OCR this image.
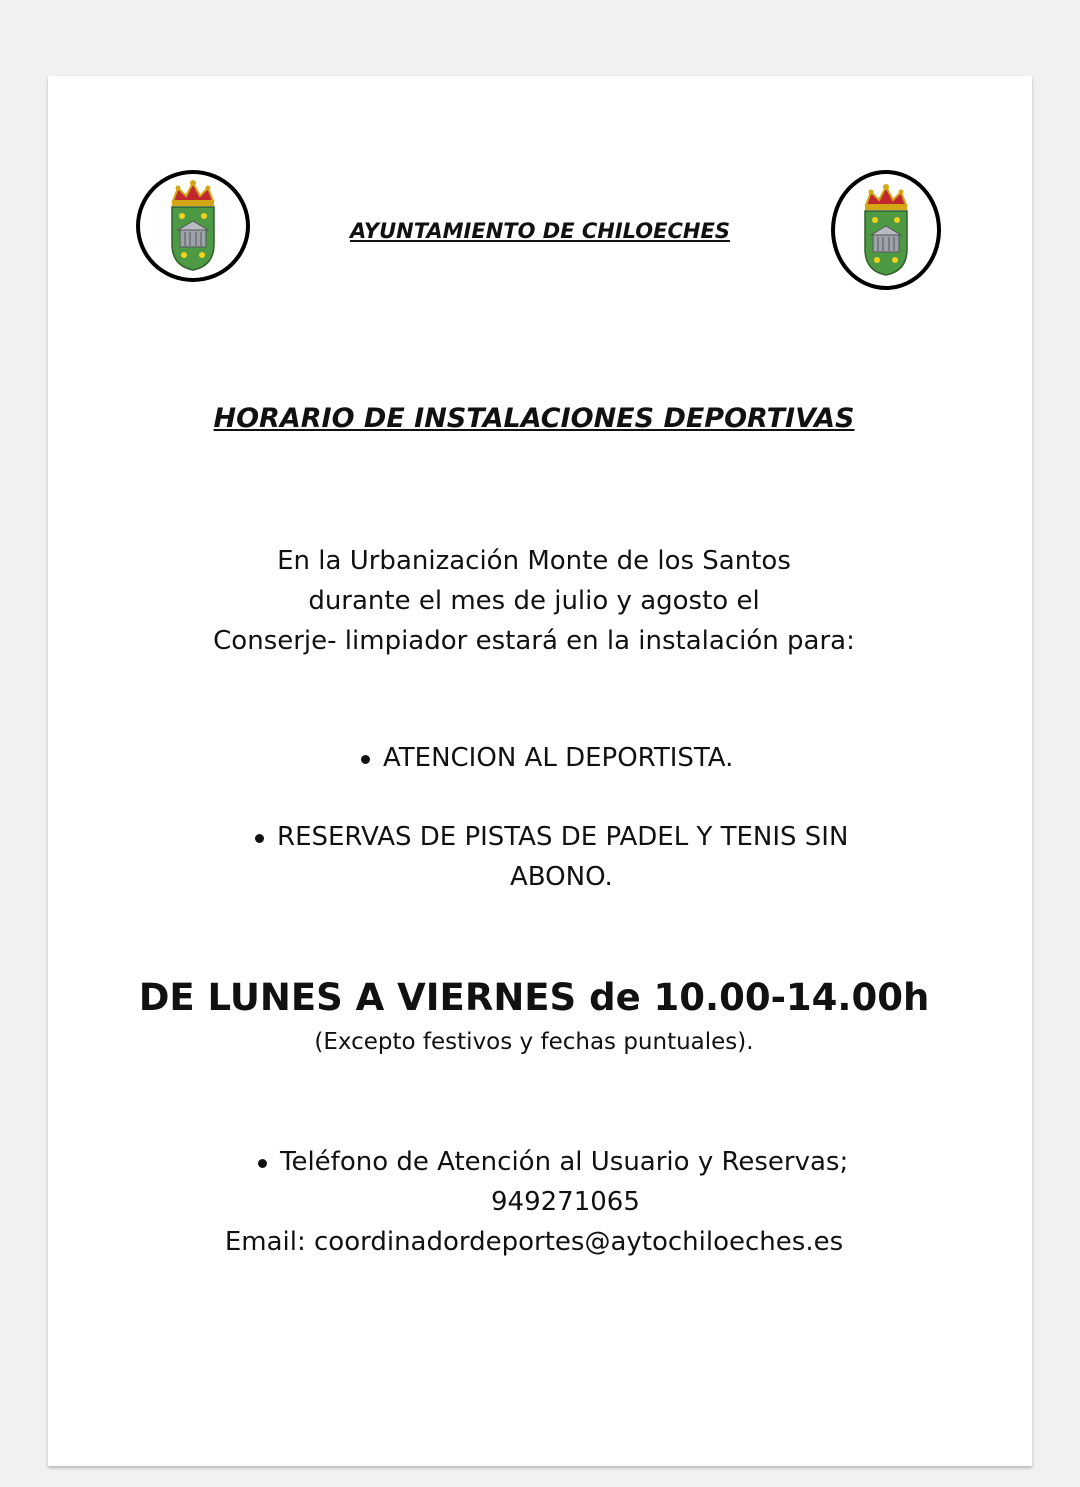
AYUNTAMIENTO DE CHILOECHES
HORARIO DE INSTALACIONES DEPORTIVAS
En la Urbanización Monte de los Santos
durante el mes de julio y agosto el
Conserje- limpiador estará en la instalación para:
ATENCION AL DEPORTISTA.
RESERVAS DE PISTAS DE PADEL Y TENIS SIN
ABONO.
DE LUNES A VIERNES de 10.00-14.00h
(Excepto festivos y fechas puntuales).
Teléfono de Atención al Usuario y Reservas;
949271065
Email: coordinadordeportes@aytochiloeches.es
